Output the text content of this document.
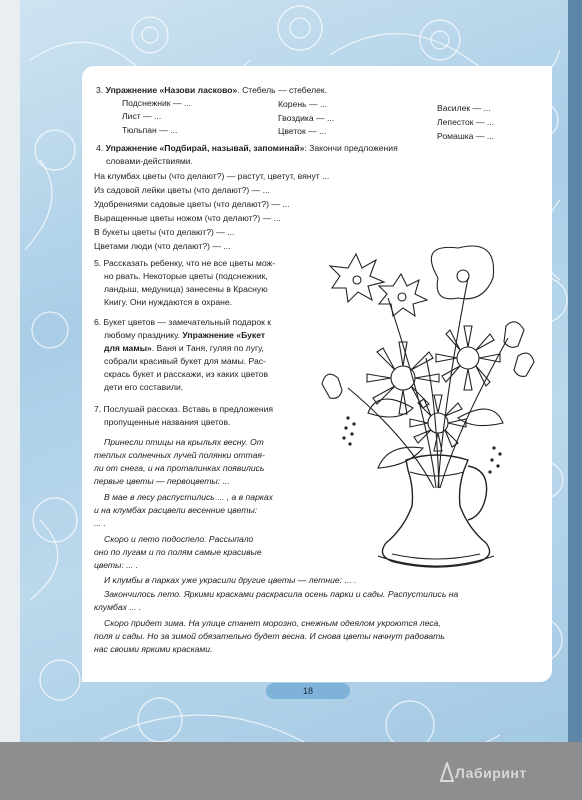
3. Упражнение «Назови ласково». Стебель — стебелек.
Подснежник — ...	Корень — ...	Василек — ...
Лист — ...	Гвоздика — ...	Лепесток — ...
Тюльпан — ...	Цветок — ...	Ромашка — ...
4. Упражнение «Подбирай, называй, запоминай»: Закончи предложения
словами-действиями.
На клумбах цветы (что делают?) — растут, цветут, вянут ...
Из садовой лейки цветы (что делают?) — ...
Удобрениями садовые цветы (что делают?) — ...
Выращенные цветы ножом (что делают?) — ...
В букеты цветы (что делают?) — ...
Цветами люди (что делают?) — ...
5. Рассказать ребенку, что не все цветы мож-
но рвать. Некоторые цветы (подснежник,
ландыш, медуница) занесены в Красную
Книгу. Они нуждаются в охране.
6. Букет цветов — замечательный подарок к
любому празднику. Упражнение «Букет
для мамы». Ваня и Таня, гуляя по лугу,
собрали красивый букет для мамы. Рас-
скрась букет и расскажи, из каких цветов
дети его составили.
7. Послушай рассказ. Вставь в предложения
пропущенные названия цветов.
Принесли птицы на крыльях весну. От
теплых солнечных лучей полянки оттая-
ли от снега, и на проталинках появились
первые цветы — первоцветы: ...
В мае в лесу распустились ... , а в парках
и на клумбах расцвели весенние цветы:
... .
Скоро и лето подоспело. Рассыпало
оно по лугам и по полям самые красивые
цветы: ... .
И клумбы в парках уже украсили другие цветы — летние: ... .
Закончилось лето. Яркими красками раскрасила осень парки и сады. Распустились на
клумбах ... .
Скоро придет зима. На улице станет морозно, снежным одеялом укроются леса,
поля и сады. Но за зимой обязательно будет весна. И снова цветы начнут радовать
нас своими яркими красками.
18
Лабиринт
